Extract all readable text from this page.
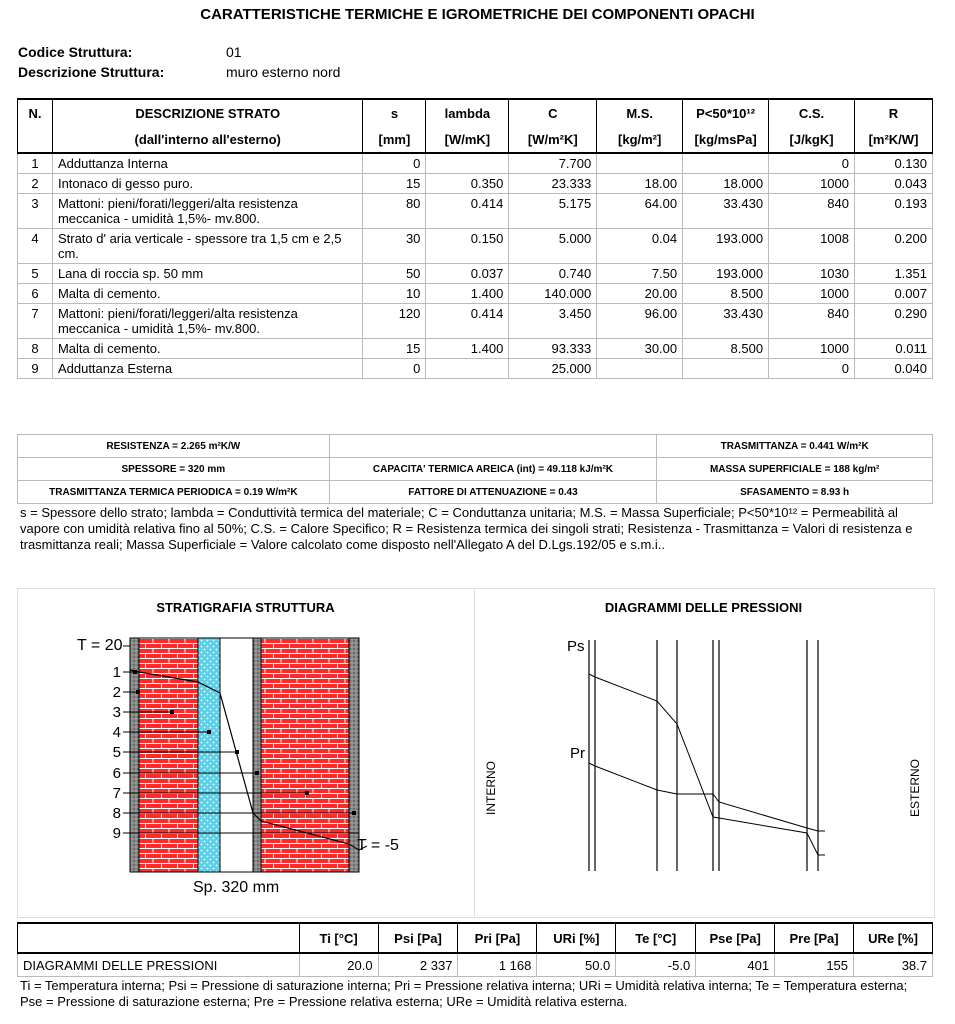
CARATTERISTICHE TERMICHE E IGROMETRICHE DEI COMPONENTI OPACHI
Codice Struttura:	01
Descrizione Struttura:	muro esterno nord
N.	DESCRIZIONE STRATO	s	lambda	C	M.S.	P<50*10¹²	C.S.	R
	(dall'interno all'esterno)	[mm]	[W/mK]	[W/m²K]	[kg/m²]	[kg/msPa]	[J/kgK]	[m²K/W]
1	Adduttanza Interna	0		7.700			0	0.130
2	Intonaco di gesso puro.	15	0.350	23.333	18.00	18.000	1000	0.043
3	Mattoni: pieni/forati/leggeri/alta resistenza meccanica - umidità 1,5%- mv.800.	80	0.414	5.175	64.00	33.430	840	0.193
4	Strato d' aria verticale - spessore tra 1,5 cm e 2,5 cm.	30	0.150	5.000	0.04	193.000	1008	0.200
5	Lana di roccia sp. 50 mm	50	0.037	0.740	7.50	193.000	1030	1.351
6	Malta di cemento.	10	1.400	140.000	20.00	8.500	1000	0.007
7	Mattoni: pieni/forati/leggeri/alta resistenza meccanica - umidità 1,5%- mv.800.	120	0.414	3.450	96.00	33.430	840	0.290
8	Malta di cemento.	15	1.400	93.333	30.00	8.500	1000	0.011
9	Adduttanza Esterna	0		25.000			0	0.040
RESISTENZA = 2.265 m²K/W		TRASMITTANZA = 0.441 W/m²K
SPESSORE = 320 mm	CAPACITA' TERMICA AREICA (int) = 49.118 kJ/m²K	MASSA SUPERFICIALE = 188 kg/m²
TRASMITTANZA TERMICA PERIODICA = 0.19 W/m²K	FATTORE DI ATTENUAZIONE = 0.43	SFASAMENTO = 8.93 h
s = Spessore dello strato; lambda = Conduttività termica del materiale; C = Conduttanza unitaria; M.S. = Massa Superficiale; P<50*10¹² = Permeabilità al vapore con umidità relativa fino al 50%; C.S. = Calore Specifico; R = Resistenza termica dei singoli strati; Resistenza - Trasmittanza = Valori di resistenza e trasmittanza reali; Massa Superficiale = Valore calcolato come disposto nell'Allegato A del D.Lgs.192/05 e s.m.i..
STRATIGRAFIA STRUTTURA	DIAGRAMMI DELLE PRESSIONI
T = 20
T = -5
Sp. 320 mm
1
2
3
4
5
6
7
8
9
INTERNO	ESTERNO
Ps
Pr
	Ti [°C]	Psi [Pa]	Pri [Pa]	URi [%]	Te [°C]	Pse [Pa]	Pre [Pa]	URe [%]
DIAGRAMMI DELLE PRESSIONI	20.0	2 337	1 168	50.0	-5.0	401	155	38.7
Ti = Temperatura interna; Psi = Pressione di saturazione interna; Pri = Pressione relativa interna; URi = Umidità relativa interna; Te = Temperatura esterna; Pse = Pressione di saturazione esterna; Pre = Pressione relativa esterna; URe = Umidità relativa esterna.
